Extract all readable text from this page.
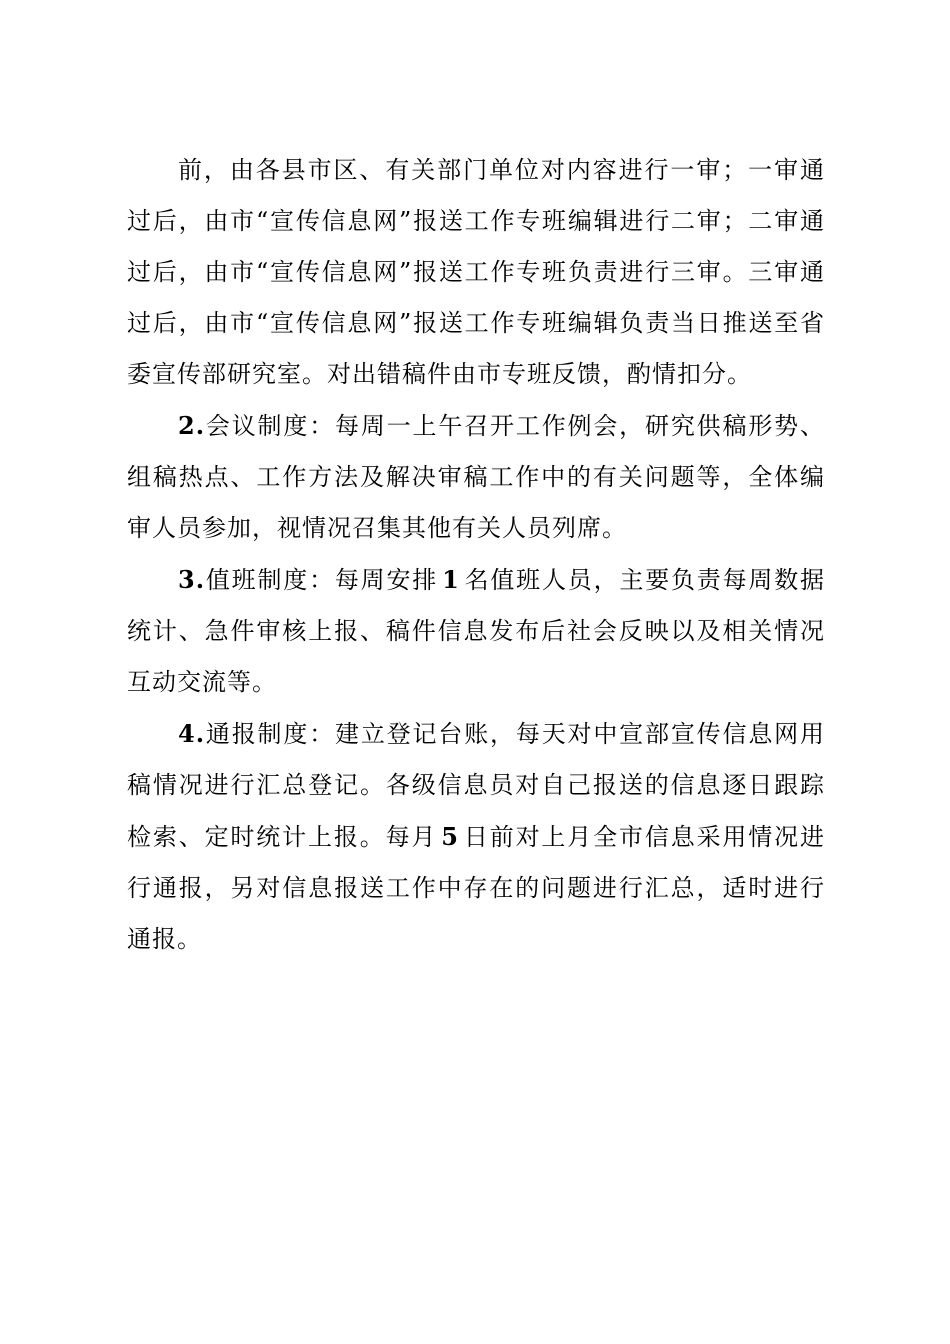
前，由各县市区、有关部门单位对内容进行一审；一审通过后，由市“宣传信息网”报送工作专班编辑进行二审；二审通过后，由市“宣传信息网”报送工作专班负责进行三审。三审通过后，由市“宣传信息网”报送工作专班编辑负责当日推送至省委宣传部研究室。对出错稿件由市专班反馈，酌情扣分。

2.会议制度：每周一上午召开工作例会，研究供稿形势、组稿热点、工作方法及解决审稿工作中的有关问题等，全体编审人员参加，视情况召集其他有关人员列席。

3.值班制度：每周安排 1 名值班人员，主要负责每周数据统计、急件审核上报、稿件信息发布后社会反映以及相关情况互动交流等。

4.通报制度：建立登记台账，每天对中宣部宣传信息网用稿情况进行汇总登记。各级信息员对自己报送的信息逐日跟踪检索、定时统计上报。每月 5 日前对上月全市信息采用情况进行通报，另对信息报送工作中存在的问题进行汇总，适时进行通报。
